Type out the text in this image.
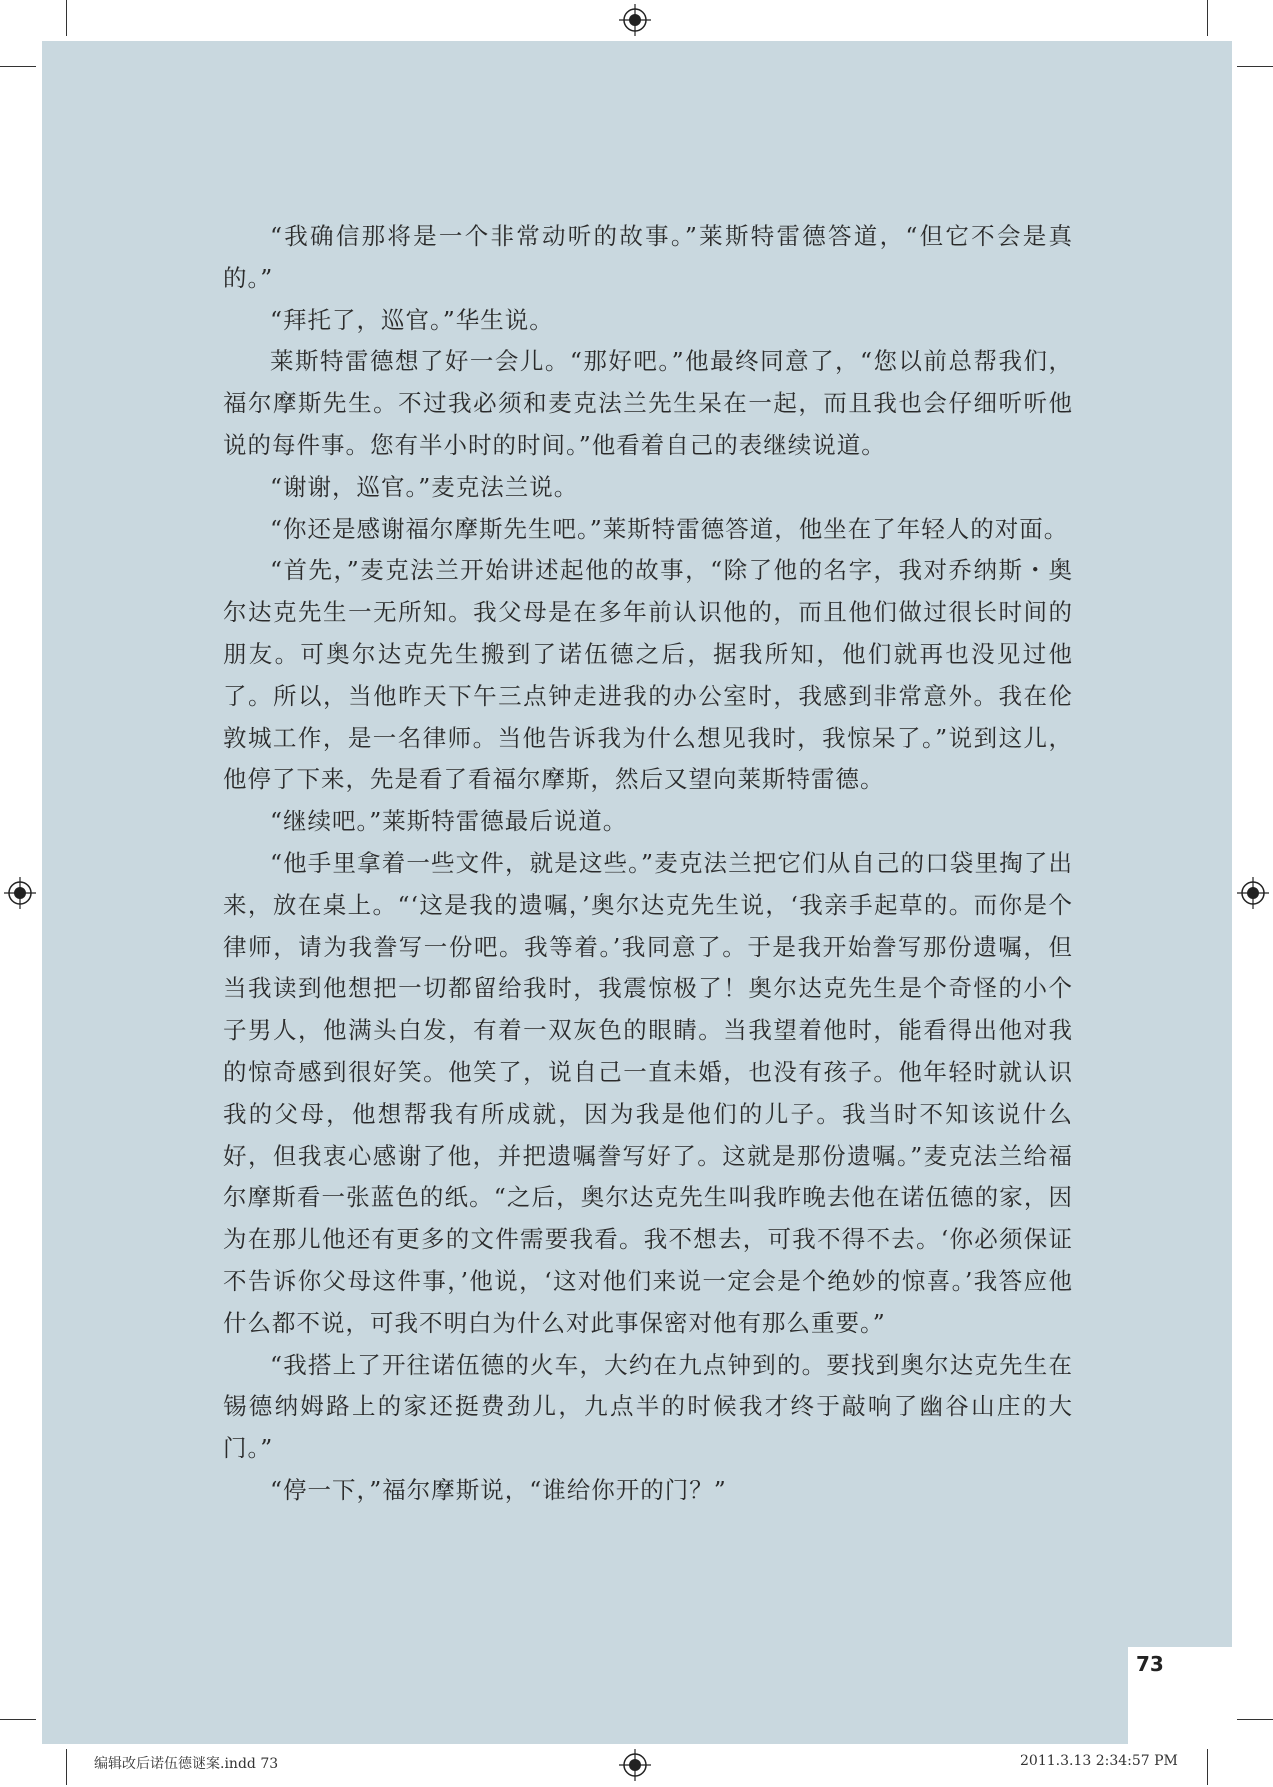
73

“我确信那将是一个非常动听的故事。”莱斯特雷德答道，“但它不会是真的。”

“拜托了，巡官。”华生说。

莱斯特雷德想了好一会儿。“那好吧。”他最终同意了，“您以前总帮我们，福尔摩斯先生。不过我必须和麦克法兰先生呆在一起，而且我也会仔细听听他说的每件事。您有半小时的时间。”他看着自己的表继续说道。

“谢谢，巡官。”麦克法兰说。

“你还是感谢福尔摩斯先生吧。”莱斯特雷德答道，他坐在了年轻人的对面。

“首先，”麦克法兰开始讲述起他的故事，“除了他的名字，我对乔纳斯・奥尔达克先生一无所知。我父母是在多年前认识他的，而且他们做过很长时间的朋友。可奥尔达克先生搬到了诺伍德之后，据我所知，他们就再也没见过他了。所以，当他昨天下午三点钟走进我的办公室时，我感到非常意外。我在伦敦城工作，是一名律师。当他告诉我为什么想见我时，我惊呆了。”说到这儿，他停了下来，先是看了看福尔摩斯，然后又望向莱斯特雷德。

“继续吧。”莱斯特雷德最后说道。

“他手里拿着一些文件，就是这些。”麦克法兰把它们从自己的口袋里掏了出来，放在桌上。“‘这是我的遗嘱，’奥尔达克先生说，‘我亲手起草的。而你是个律师，请为我誊写一份吧。我等着。’我同意了。于是我开始誊写那份遗嘱，但当我读到他想把一切都留给我时，我震惊极了！奥尔达克先生是个奇怪的小个子男人，他满头白发，有着一双灰色的眼睛。当我望着他时，能看得出他对我的惊奇感到很好笑。他笑了，说自己一直未婚，也没有孩子。他年轻时就认识我的父母，他想帮我有所成就，因为我是他们的儿子。我当时不知该说什么好，但我衷心感谢了他，并把遗嘱誊写好了。这就是那份遗嘱。”麦克法兰给福尔摩斯看一张蓝色的纸。“之后，奥尔达克先生叫我昨晚去他在诺伍德的家，因为在那儿他还有更多的文件需要我看。我不想去，可我不得不去。‘你必须保证不告诉你父母这件事，’他说，‘这对他们来说一定会是个绝妙的惊喜。’我答应他什么都不说，可我不明白为什么对此事保密对他有那么重要。”

“我搭上了开往诺伍德的火车，大约在九点钟到的。要找到奥尔达克先生在锡德纳姆路上的家还挺费劲儿，九点半的时候我才终于敲响了幽谷山庄的大门。”

“停一下，”福尔摩斯说，“谁给你开的门？”

编辑改后诺伍德谜案.indd 73	2011.3.13 2:34:57 PM
